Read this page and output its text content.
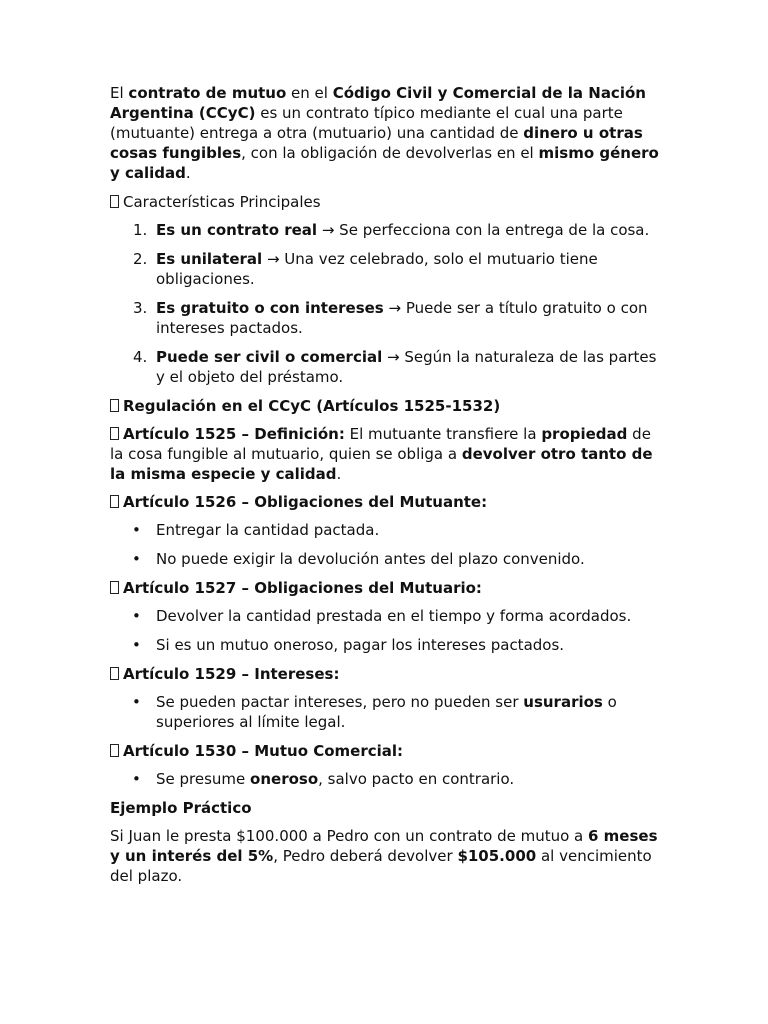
El contrato de mutuo en el Código Civil y Comercial de la Nación Argentina (CCyC) es un contrato típico mediante el cual una parte (mutuante) entrega a otra (mutuario) una cantidad de dinero u otras cosas fungibles, con la obligación de devolverlas en el mismo género y calidad.

Características Principales

1. Es un contrato real → Se perfecciona con la entrega de la cosa.
2. Es unilateral → Una vez celebrado, solo el mutuario tiene obligaciones.
3. Es gratuito o con intereses → Puede ser a título gratuito o con intereses pactados.
4. Puede ser civil o comercial → Según la naturaleza de las partes y el objeto del préstamo.

Regulación en el CCyC (Artículos 1525-1532)

Artículo 1525 – Definición: El mutuante transfiere la propiedad de la cosa fungible al mutuario, quien se obliga a devolver otro tanto de la misma especie y calidad.

Artículo 1526 – Obligaciones del Mutuante:

• Entregar la cantidad pactada.
• No puede exigir la devolución antes del plazo convenido.

Artículo 1527 – Obligaciones del Mutuario:

• Devolver la cantidad prestada en el tiempo y forma acordados.
• Si es un mutuo oneroso, pagar los intereses pactados.

Artículo 1529 – Intereses:

• Se pueden pactar intereses, pero no pueden ser usurarios o superiores al límite legal.

Artículo 1530 – Mutuo Comercial:

• Se presume oneroso, salvo pacto en contrario.

Ejemplo Práctico

Si Juan le presta $100.000 a Pedro con un contrato de mutuo a 6 meses y un interés del 5%, Pedro deberá devolver $105.000 al vencimiento del plazo.
